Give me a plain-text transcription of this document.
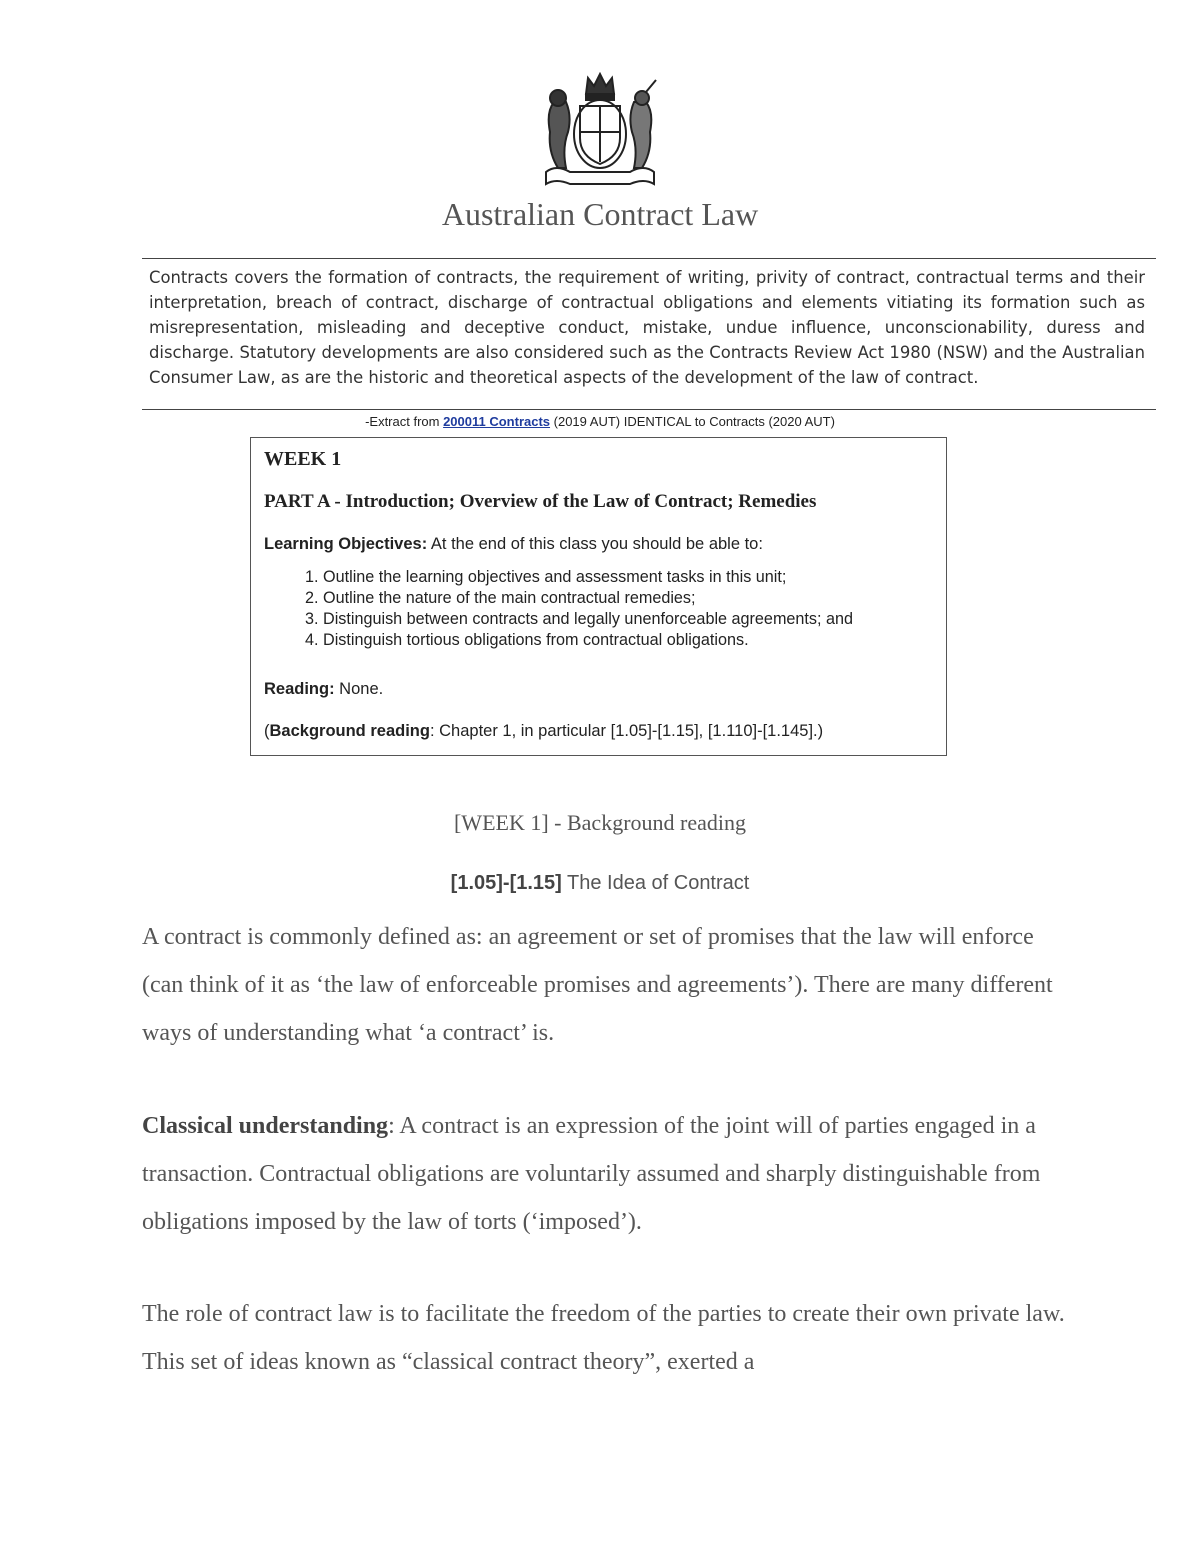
Australian Contract Law
Contracts covers the formation of contracts, the requirement of writing, privity of contract, contractual terms and their interpretation, breach of contract, discharge of contractual obligations and elements vitiating its formation such as misrepresentation, misleading and deceptive conduct, mistake, undue influence, unconscionability, duress and discharge. Statutory developments are also considered such as the Contracts Review Act 1980 (NSW) and the Australian Consumer Law, as are the historic and theoretical aspects of the development of the law of contract.
-Extract from 200011 Contracts (2019 AUT) IDENTICAL to Contracts (2020 AUT)
WEEK 1
PART A - Introduction; Overview of the Law of Contract; Remedies
Learning Objectives: At the end of this class you should be able to:
1. Outline the learning objectives and assessment tasks in this unit;
2. Outline the nature of the main contractual remedies;
3. Distinguish between contracts and legally unenforceable agreements; and
4. Distinguish tortious obligations from contractual obligations.
Reading: None.
(Background reading: Chapter 1, in particular [1.05]-[1.15], [1.110]-[1.145].)
[WEEK 1] - Background reading
[1.05]-[1.15] The Idea of Contract
A contract is commonly defined as: an agreement or set of promises that the law will enforce (can think of it as ‘the law of enforceable promises and agreements’). There are many different ways of understanding what ‘a contract’ is.
Classical understanding: A contract is an expression of the joint will of parties engaged in a transaction. Contractual obligations are voluntarily assumed and sharply distinguishable from obligations imposed by the law of torts (‘imposed’).
The role of contract law is to facilitate the freedom of the parties to create their own private law. This set of ideas known as “classical contract theory”, exerted a
